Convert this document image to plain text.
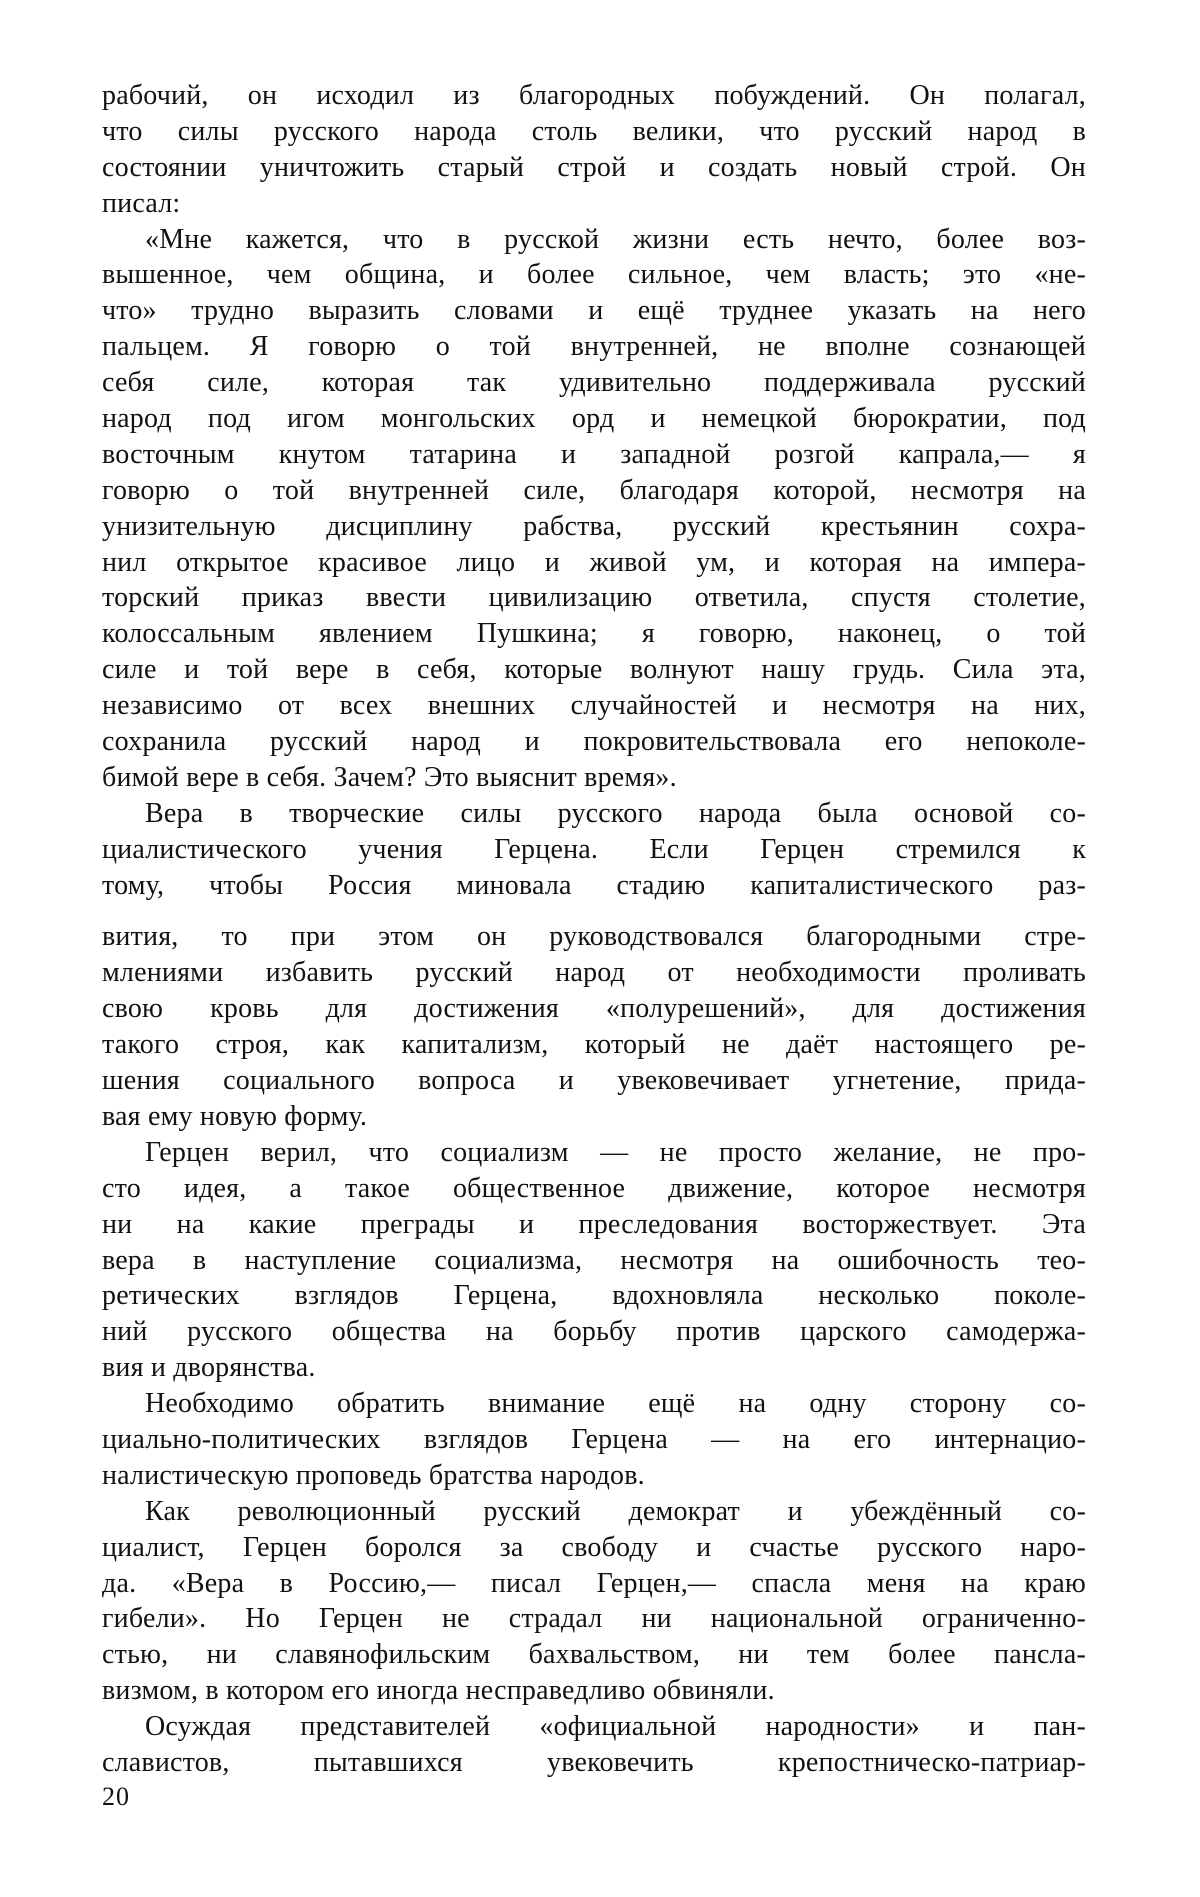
рабочий, он исходил из благородных побуждений. Он полагал,
что силы русского народа столь велики, что русский народ в
состоянии уничтожить старый строй и создать новый строй. Он
писал:
«Мне кажется, что в русской жизни есть нечто, более воз-
вышенное, чем община, и более сильное, чем власть; это «не-
что» трудно выразить словами и ещё труднее указать на него
пальцем. Я говорю о той внутренней, не вполне сознающей
себя силе, которая так удивительно поддерживала русский
народ под игом монгольских орд и немецкой бюрократии, под
восточным кнутом татарина и западной розгой капрала,— я
говорю о той внутренней силе, благодаря которой, несмотря на
унизительную дисциплину рабства, русский крестьянин сохра-
нил открытое красивое лицо и живой ум, и которая на импера-
торский приказ ввести цивилизацию ответила, спустя столетие,
колоссальным явлением Пушкина; я говорю, наконец, о той
силе и той вере в себя, которые волнуют нашу грудь. Сила эта,
независимо от всех внешних случайностей и несмотря на них,
сохранила русский народ и покровительствовала его непоколе-
бимой вере в себя. Зачем? Это выяснит время».
Вера в творческие силы русского народа была основой со-
циалистического учения Герцена. Если Герцен стремился к
тому, чтобы Россия миновала стадию капиталистического раз-
вития, то при этом он руководствовался благородными стре-
млениями избавить русский народ от необходимости проливать
свою кровь для достижения «полурешений», для достижения
такого строя, как капитализм, который не даёт настоящего ре-
шения социального вопроса и увековечивает угнетение, прида-
вая ему новую форму.
Герцен верил, что социализм — не просто желание, не про-
сто идея, а такое общественное движение, которое несмотря
ни на какие преграды и преследования восторжествует. Эта
вера в наступление социализма, несмотря на ошибочность тео-
ретических взглядов Герцена, вдохновляла несколько поколе-
ний русского общества на борьбу против царского самодержа-
вия и дворянства.
Необходимо обратить внимание ещё на одну сторону со-
циально-политических взглядов Герцена — на его интернацио-
налистическую проповедь братства народов.
Как революционный русский демократ и убеждённый со-
циалист, Герцен боролся за свободу и счастье русского наро-
да. «Вера в Россию,— писал Герцен,— спасла меня на краю
гибели». Но Герцен не страдал ни национальной ограниченно-
стью, ни славянофильским бахвальством, ни тем более пансла-
визмом, в котором его иногда несправедливо обвиняли.
Осуждая представителей «официальной народности» и пан-
славистов, пытавшихся увековечить крепостническо-патриар-
20
